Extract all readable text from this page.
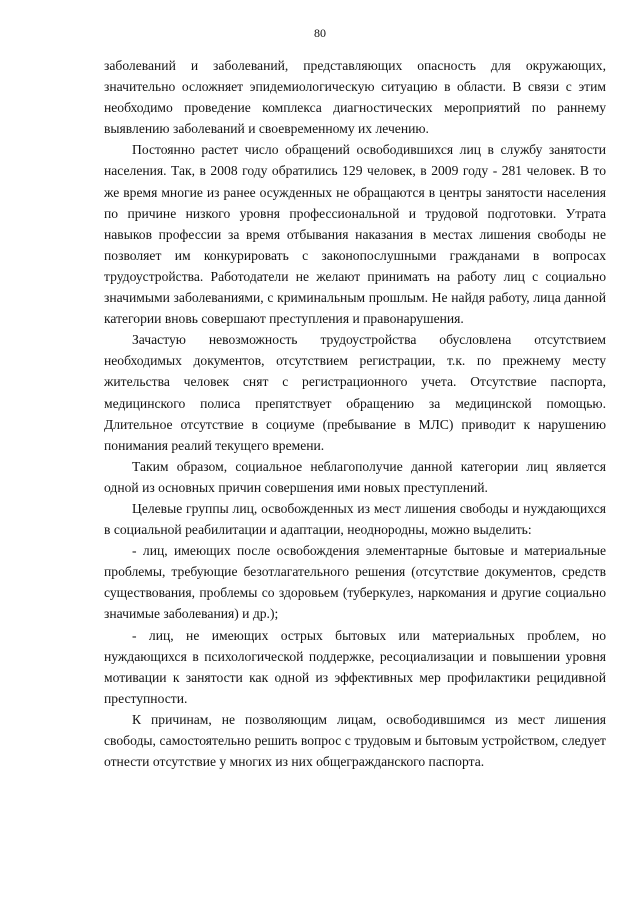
80

заболеваний и заболеваний, представляющих опасность для окружающих, значительно осложняет эпидемиологическую ситуацию в области. В связи с этим необходимо проведение комплекса диагностических мероприятий по раннему выявлению заболеваний и своевременному их лечению.

Постоянно растет число обращений освободившихся лиц в службу занятости населения. Так, в 2008 году обратились 129 человек, в 2009 году - 281 человек. В то же время многие из ранее осужденных не обращаются в центры занятости населения по причине низкого уровня профессиональной и трудовой подготовки. Утрата навыков профессии за время отбывания наказания в местах лишения свободы не позволяет им конкурировать с законопослушными гражданами в вопросах трудоустройства. Работодатели не желают принимать на работу лиц с социально значимыми заболеваниями, с криминальным прошлым. Не найдя работу, лица данной категории вновь совершают преступления и правонарушения.

Зачастую невозможность трудоустройства обусловлена отсутствием необходимых документов, отсутствием регистрации, т.к. по прежнему месту жительства человек снят с регистрационного учета. Отсутствие паспорта, медицинского полиса препятствует обращению за медицинской помощью. Длительное отсутствие в социуме (пребывание в МЛС) приводит к нарушению понимания реалий текущего времени.

Таким образом, социальное неблагополучие данной категории лиц является одной из основных причин совершения ими новых преступлений.

Целевые группы лиц, освобожденных из мест лишения свободы и нуждающихся в социальной реабилитации и адаптации, неоднородны, можно выделить:

- лиц, имеющих после освобождения элементарные бытовые и материальные проблемы, требующие безотлагательного решения (отсутствие документов, средств существования, проблемы со здоровьем (туберкулез, наркомания и другие социально значимые заболевания) и др.);

- лиц, не имеющих острых бытовых или материальных проблем, но нуждающихся в психологической поддержке, ресоциализации и повышении уровня мотивации к занятости как одной из эффективных мер профилактики рецидивной преступности.

К причинам, не позволяющим лицам, освободившимся из мест лишения свободы, самостоятельно решить вопрос с трудовым и бытовым устройством, следует отнести отсутствие у многих из них общегражданского паспорта.
